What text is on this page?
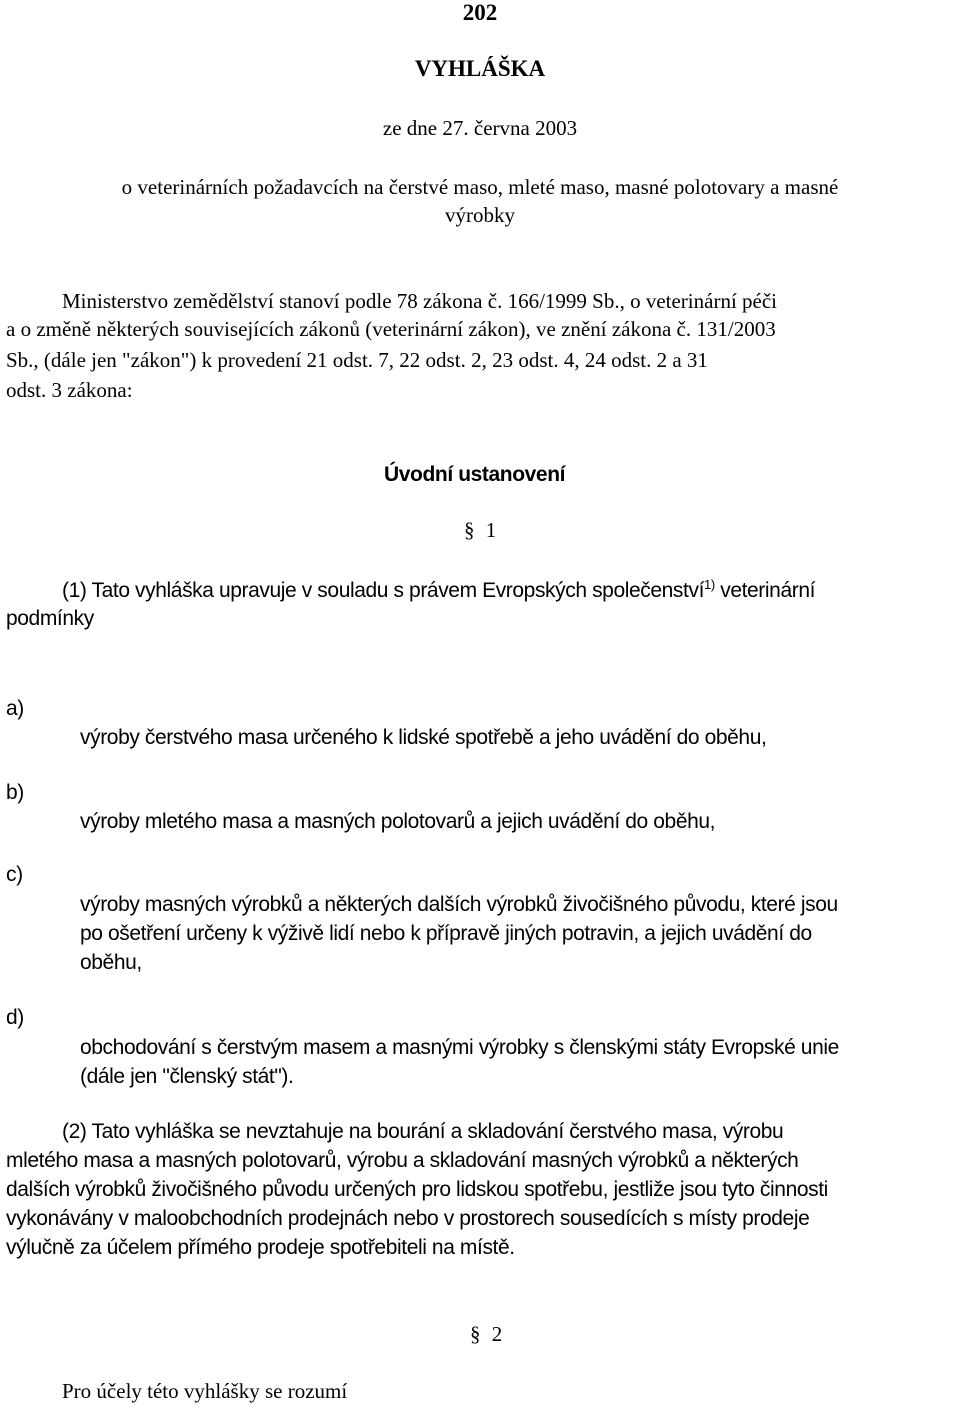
202
VYHLÁŠKA
ze dne 27. června 2003
o veterinárních požadavcích na čerstvé maso, mleté maso, masné polotovary a masné
výrobky
Ministerstvo zemědělství stanoví podle 78 zákona č. 166/1999 Sb., o veterinární péči
a o změně některých souvisejících zákonů (veterinární zákon), ve znění zákona č. 131/2003
Sb., (dále jen "zákon") k provedení 21 odst. 7, 22 odst. 2, 23 odst. 4, 24 odst. 2 a 31
odst. 3 zákona:
Úvodní ustanovení
§ 1
(1) Tato vyhláška upravuje v souladu s právem Evropských společenství$^{1)}$ veterinární
podmínky
a)
výroby čerstvého masa určeného k lidské spotřebě a jeho uvádění do oběhu,
b)
výroby mletého masa a masných polotovarů a jejich uvádění do oběhu,
c)
výroby masných výrobků a některých dalších výrobků živočišného původu, které jsou
po ošetření určeny k výživě lidí nebo k přípravě jiných potravin, a jejich uvádění do
oběhu,
d)
obchodování s čerstvým masem a masnými výrobky s členskými státy Evropské unie
(dále jen "členský stát").
(2) Tato vyhláška se nevztahuje na bourání a skladování čerstvého masa, výrobu
mletého masa a masných polotovarů, výrobu a skladování masných výrobků a některých
dalších výrobků živočišného původu určených pro lidskou spotřebu, jestliže jsou tyto činnosti
vykonávány v maloobchodních prodejnách nebo v prostorech sousedících s místy prodeje
výlučně za účelem přímého prodeje spotřebiteli na místě.
§ 2
Pro účely této vyhlášky se rozumí
